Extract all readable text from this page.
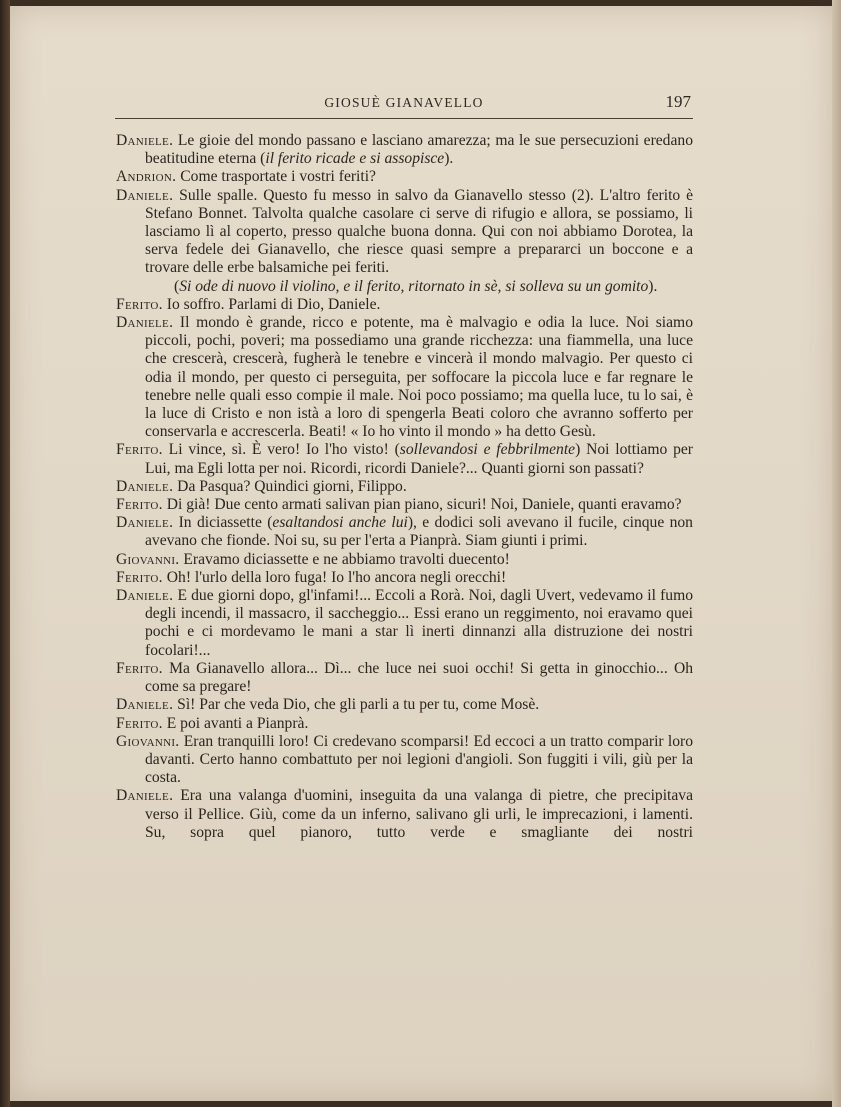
GIOSUÈ GIANAVELLO	197

Daniele. Le gioie del mondo passano e lasciano amarezza; ma le sue persecuzioni eredano beatitudine eterna (il ferito ricade e si assopisce).

Andrion. Come trasportate i vostri feriti?

Daniele. Sulle spalle. Questo fu messo in salvo da Gianavello stesso (2). L'altro ferito è Stefano Bonnet. Talvolta qualche casolare ci serve di rifugio e allora, se possiamo, li lasciamo lì al coperto, presso qualche buona donna. Qui con noi abbiamo Dorotea, la serva fedele dei Gianavello, che riesce quasi sempre a prepararci un boccone e a trovare delle erbe balsamiche pei feriti.

(Si ode di nuovo il violino, e il ferito, ritornato in sè, si solleva su un gomito).

Ferito. Io soffro. Parlami di Dio, Daniele.

Daniele. Il mondo è grande, ricco e potente, ma è malvagio e odia la luce. Noi siamo piccoli, pochi, poveri; ma possediamo una grande ricchezza: una fiammella, una luce che crescerà, crescerà, fugherà le tenebre e vincerà il mondo malvagio. Per questo ci odia il mondo, per questo ci perseguita, per soffocare la piccola luce e far regnare le tenebre nelle quali esso compie il male. Noi poco possiamo; ma quella luce, tu lo sai, è la luce di Cristo e non istà a loro di spengerla Beati coloro che avranno sofferto per conservarla e accrescerla. Beati! « Io ho vinto il mondo » ha detto Gesù.

Ferito. Li vince, sì. È vero! Io l'ho visto! (sollevandosi e febbrilmente) Noi lottiamo per Lui, ma Egli lotta per noi. Ricordi, ricordi Daniele?... Quanti giorni son passati?

Daniele. Da Pasqua? Quindici giorni, Filippo.

Ferito. Di già! Due cento armati salivan pian piano, sicuri! Noi, Daniele, quanti eravamo?

Daniele. In diciassette (esaltandosi anche lui), e dodici soli avevano il fucile, cinque non avevano che fionde. Noi su, su per l'erta a Pianprà. Siam giunti i primi.

Giovanni. Eravamo diciassette e ne abbiamo travolti duecento!

Ferito. Oh! l'urlo della loro fuga! Io l'ho ancora negli orecchi!

Daniele. E due giorni dopo, gl'infami!... Eccoli a Rorà. Noi, dagli Uvert, vedevamo il fumo degli incendi, il massacro, il saccheggio... Essi erano un reggimento, noi eravamo quei pochi e ci mordevamo le mani a star lì inerti dinnanzi alla distruzione dei nostri focolari!...

Ferito. Ma Gianavello allora... Dì... che luce nei suoi occhi! Si getta in ginocchio... Oh come sa pregare!

Daniele. Sì! Par che veda Dio, che gli parli a tu per tu, come Mosè.

Ferito. E poi avanti a Pianprà.

Giovanni. Eran tranquilli loro! Ci credevano scomparsi! Ed eccoci a un tratto comparir loro davanti. Certo hanno combattuto per noi legioni d'angioli. Son fuggiti i vili, giù per la costa.

Daniele. Era una valanga d'uomini, inseguita da una valanga di pietre, che precipitava verso il Pellice. Giù, come da un inferno, salivano gli urli, le imprecazioni, i lamenti. Su, sopra quel pianoro, tutto verde e smagliante dei nostri
